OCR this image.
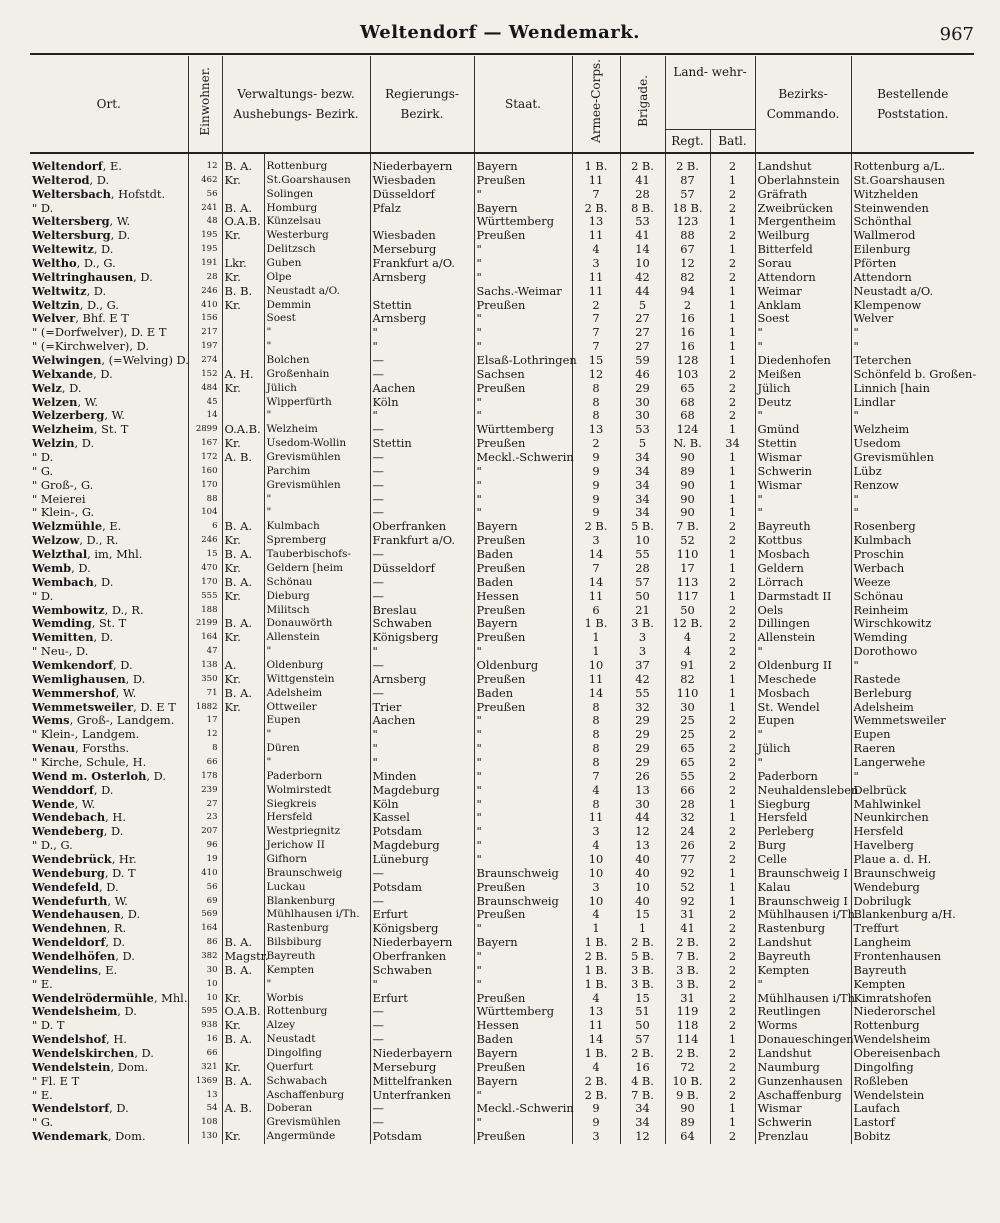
Weltendorf — Wendemark.	967
Ort.	Einwohner.	Verwaltungs- bezw. Aushebungs- Bezirk.		Regierungs- Bezirk.	Staat.	Armee-Corps.	Brigade.	Land- wehr-
Regt. Batl.		Bezirks- Commando.	Bestellende Poststation.
Weltendorf, E.	12	B. A.	Rottenburg	Niederbayern	Bayern	1 B.	2 B.	2 B.	2	Landshut	Rottenburg a/L.
Welterod, D.	462	Kr.	St.Goarshausen	Wiesbaden	Preußen	11	41	87	1	Oberlahnstein	St.Goarshausen
Weltersbach, Hofstdt.	56		Solingen	Düsseldorf	"	7	28	57	2	Gräfrath	Witzhelden
" D.	241	B. A.	Homburg	Pfalz	Bayern	2 B.	8 B.	18 B.	2	Zweibrücken	Steinwenden
Weltersberg, W.	48	O.A.B.	Künzelsau		Württemberg	13	53	123	1	Mergentheim	Schönthal
Weltersburg, D.	195	Kr.	Westerburg	Wiesbaden	Preußen	11	41	88	2	Weilburg	Wallmerod
Weltewitz, D.	195		Delitzsch	Merseburg	"	4	14	67	1	Bitterfeld	Eilenburg
Weltho, D., G.	191	Lkr.	Guben	Frankfurt a/O.	"	3	10	12	2	Sorau	Pförten
Weltringhausen, D.	28	Kr.	Olpe	Arnsberg	"	11	42	82	2	Attendorn	Attendorn
Weltwitz, D.	246	B. B.	Neustadt a/O.		Sachs.-Weimar	11	44	94	1	Weimar	Neustadt a/O.
Weltzin, D., G.	410	Kr.	Demmin	Stettin	Preußen	2	5	2	1	Anklam	Klempenow
Welver, Bhf. E T	156		Soest	Arnsberg	"	7	27	16	1	Soest	Welver
" (=Dorfwelver), D. E T	217		"	"	"	7	27	16	1	"	"
" (=Kirchwelver), D.	197		"	"	"	7	27	16	1	"	"
Welwingen, (=Welving) D.	274		Bolchen	—	Elsaß-Lothringen	15	59	128	1	Diedenhofen	Teterchen
Welxande, D.	152	A. H.	Großenhain	—	Sachsen	12	46	103	2	Meißen	Schönfeld b. Großen-
Welz, D.	484	Kr.	Jülich	Aachen	Preußen	8	29	65	2	Jülich	Linnich [hain
Welzen, W.	45		Wipperfürth	Köln	"	8	30	68	2	Deutz	Lindlar
Welzerberg, W.	14		"	"	"	8	30	68	2	"	"
Welzheim, St. T	2899	O.A.B.	Welzheim	—	Württemberg	13	53	124	1	Gmünd	Welzheim
Welzin, D.	167	Kr.	Usedom-Wollin	Stettin	Preußen	2	5	N. B.	34	Stettin	Usedom
" D.	172	A. B.	Grevismühlen	—	Meckl.-Schwerin	9	34	90	1	Wismar	Grevismühlen
" G.	160		Parchim	—	"	9	34	89	1	Schwerin	Lübz
" Groß-, G.	170		Grevismühlen	—	"	9	34	90	1	Wismar	Renzow
" Meierei	88		"	—	"	9	34	90	1	"	"
" Klein-, G.	104		"	—	"	9	34	90	1	"	"
Welzmühle, E.	6	B. A.	Kulmbach	Oberfranken	Bayern	2 B.	5 B.	7 B.	2	Bayreuth	Rosenberg
Welzow, D., R.	246	Kr.	Spremberg	Frankfurt a/O.	Preußen	3	10	52	2	Kottbus	Kulmbach
Welzthal, im, Mhl.	15	B. A.	Tauberbischofs-	—	Baden	14	55	110	1	Mosbach	Proschin
Wemb, D.	470	Kr.	Geldern [heim	Düsseldorf	Preußen	7	28	17	1	Geldern	Werbach
Wembach, D.	170	B. A.	Schönau	—	Baden	14	57	113	2	Lörrach	Weeze
" D.	555	Kr.	Dieburg	—	Hessen	11	50	117	1	Darmstadt II	Schönau
Wembowitz, D., R.	188		Militsch	Breslau	Preußen	6	21	50	2	Oels	Reinheim
Wemding, St. T	2199	B. A.	Donauwörth	Schwaben	Bayern	1 B.	3 B.	12 B.	2	Dillingen	Wirschkowitz
Wemitten, D.	164	Kr.	Allenstein	Königsberg	Preußen	1	3	4	2	Allenstein	Wemding
" Neu-, D.	47		"	"	"	1	3	4	2	"	Dorothowo
Wemkendorf, D.	138	A.	Oldenburg	—	Oldenburg	10	37	91	2	Oldenburg II	"
Wemlighausen, D.	350	Kr.	Wittgenstein	Arnsberg	Preußen	11	42	82	1	Meschede	Rastede
Wemmershof, W.	71	B. A.	Adelsheim	—	Baden	14	55	110	1	Mosbach	Berleburg
Wemmetsweiler, D. E T	1882	Kr.	Ottweiler	Trier	Preußen	8	32	30	1	St. Wendel	Adelsheim
Wems, Groß-, Landgem.	17		Eupen	Aachen	"	8	29	25	2	Eupen	Wemmetsweiler
" Klein-, Landgem.	12		"	"	"	8	29	25	2	"	Eupen
Wenau, Forsths.	8		Düren	"	"	8	29	65	2	Jülich	Raeren
" Kirche, Schule, H.	66		"	"	"	8	29	65	2	"	Langerwehe
Wend m. Osterloh, D.	178		Paderborn	Minden	"	7	26	55	2	Paderborn	"
Wenddorf, D.	239		Wolmirstedt	Magdeburg	"	4	13	66	2	Neuhaldensleben	Delbrück
Wende, W.	27		Siegkreis	Köln	"	8	30	28	1	Siegburg	Mahlwinkel
Wendebach, H.	23		Hersfeld	Kassel	"	11	44	32	1	Hersfeld	Neunkirchen
Wendeberg, D.	207		Westpriegnitz	Potsdam	"	3	12	24	2	Perleberg	Hersfeld
" D., G.	96		Jerichow II	Magdeburg	"	4	13	26	2	Burg	Havelberg
Wendebrück, Hr.	19		Gifhorn	Lüneburg	"	10	40	77	2	Celle	Plaue a. d. H.
Wendeburg, D. T	410		Braunschweig	—	Braunschweig	10	40	92	1	Braunschweig I	Braunschweig
Wendefeld, D.	56		Luckau	Potsdam	Preußen	3	10	52	1	Kalau	Wendeburg
Wendefurth, W.	69		Blankenburg	—	Braunschweig	10	40	92	1	Braunschweig I	Dobrilugk
Wendehausen, D.	569		Mühlhausen i/Th.	Erfurt	Preußen	4	15	31	2	Mühlhausen i/Th.	Blankenburg a/H.
Wendehnen, R.	164		Rastenburg	Königsberg	"	1	1	41	2	Rastenburg	Treffurt
Wendeldorf, D.	86	B. A.	Bilsbiburg	Niederbayern	Bayern	1 B.	2 B.	2 B.	2	Landshut	Langheim
Wendelhöfen, D.	382	Magstr.	Bayreuth	Oberfranken	"	2 B.	5 B.	7 B.	2	Bayreuth	Frontenhausen
Wendelins, E.	30	B. A.	Kempten	Schwaben	"	1 B.	3 B.	3 B.	2	Kempten	Bayreuth
" E.	10		"	"	"	1 B.	3 B.	3 B.	2	"	Kempten
Wendelrödermühle, Mhl.	10	Kr.	Worbis	Erfurt	Preußen	4	15	31	2	Mühlhausen i/Th.	Kimratshofen
Wendelsheim, D.	595	O.A.B.	Rottenburg	—	Württemberg	13	51	119	2	Reutlingen	Niederorschel
" D. T	938	Kr.	Alzey	—	Hessen	11	50	118	2	Worms	Rottenburg
Wendelshof, H.	16	B. A.	Neustadt	—	Baden	14	57	114	1	Donaueschingen	Wendelsheim
Wendelskirchen, D.	66		Dingolfing	Niederbayern	Bayern	1 B.	2 B.	2 B.	2	Landshut	Obereisenbach
Wendelstein, Dom.	321	Kr.	Querfurt	Merseburg	Preußen	4	16	72	2	Naumburg	Dingolfing
" Fl. E T	1369	B. A.	Schwabach	Mittelfranken	Bayern	2 B.	4 B.	10 B.	2	Gunzenhausen	Roßleben
" E.	13		Aschaffenburg	Unterfranken	"	2 B.	7 B.	9 B.	2	Aschaffenburg	Wendelstein
Wendelstorf, D.	54	A. B.	Doberan	—	Meckl.-Schwerin	9	34	90	1	Wismar	Laufach
" G.	108		Grevismühlen	—	"	9	34	89	1	Schwerin	Lastorf
Wendemark, Dom.	130	Kr.	Angermünde	Potsdam	Preußen	3	12	64	2	Prenzlau	Bobitz
